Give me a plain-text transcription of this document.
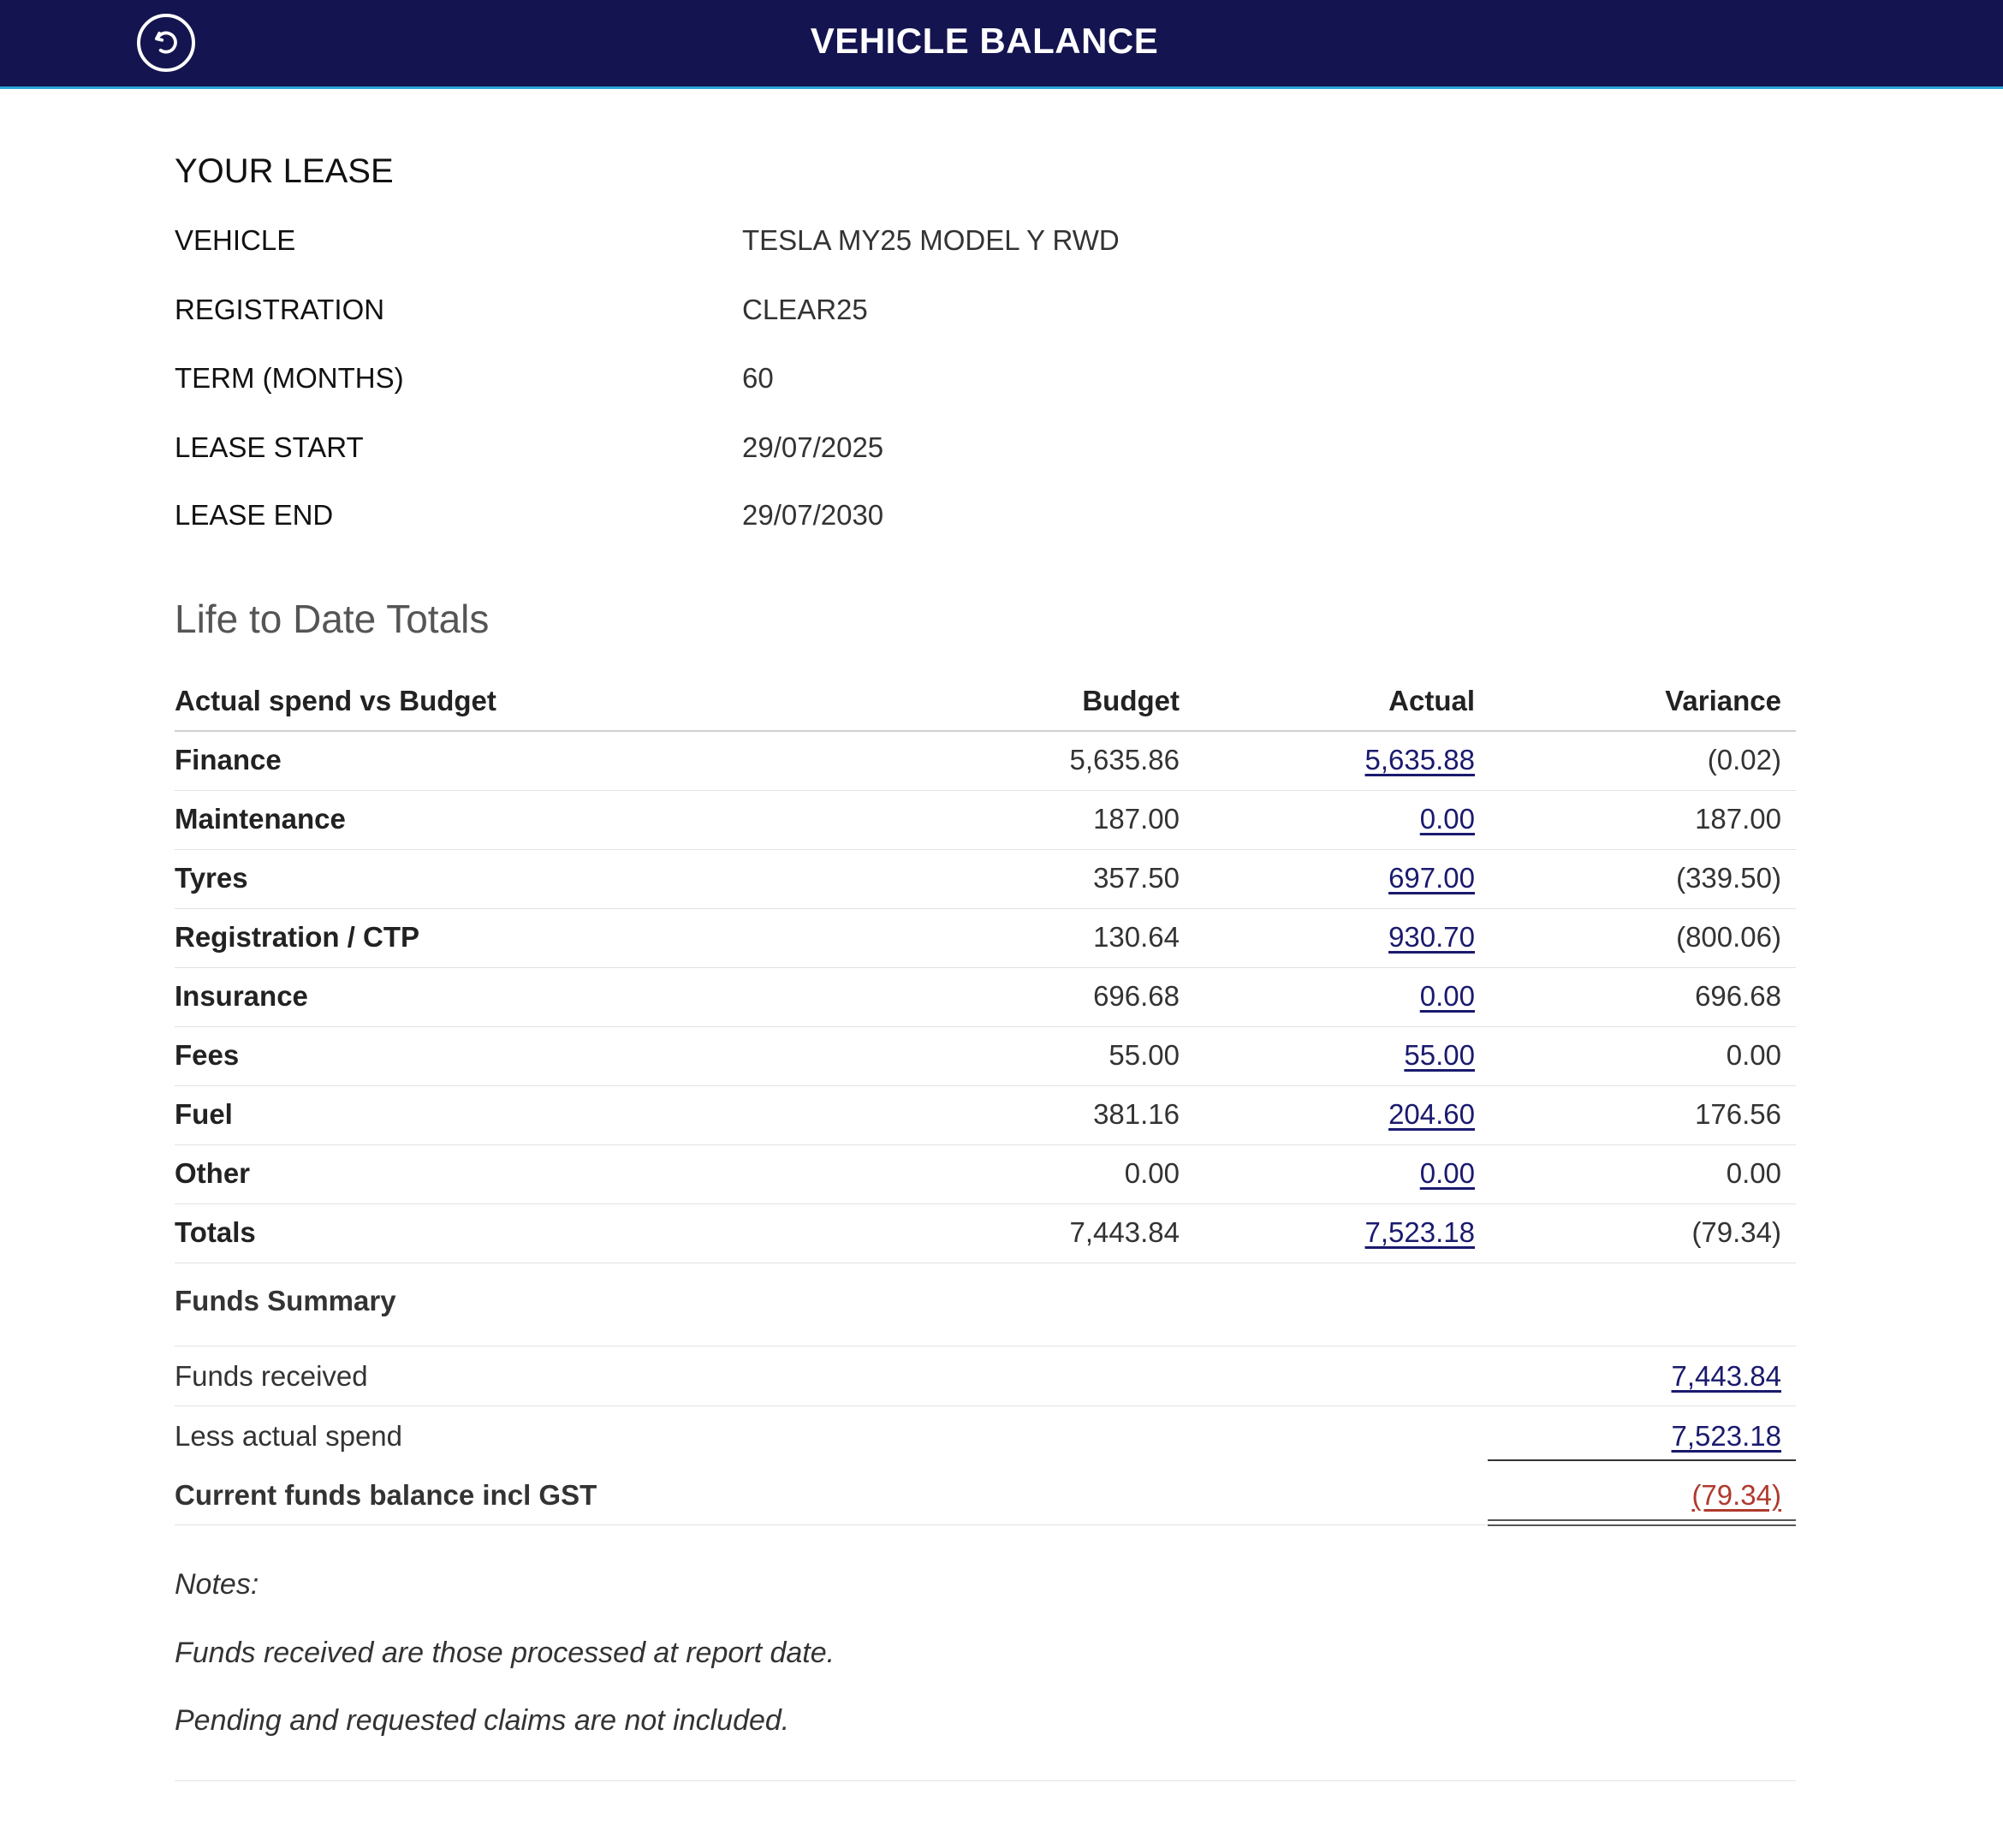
VEHICLE BALANCE
YOUR LEASE
VEHICLE	TESLA MY25 MODEL Y RWD
REGISTRATION	CLEAR25
TERM (MONTHS)	60
LEASE START	29/07/2025
LEASE END	29/07/2030
Life to Date Totals
Actual spend vs Budget	Budget	Actual	Variance
Finance	5,635.86	5,635.88	(0.02)
Maintenance	187.00	0.00	187.00
Tyres	357.50	697.00	(339.50)
Registration / CTP	130.64	930.70	(800.06)
Insurance	696.68	0.00	696.68
Fees	55.00	55.00	0.00
Fuel	381.16	204.60	176.56
Other	0.00	0.00	0.00
Totals	7,443.84	7,523.18	(79.34)
Funds Summary
Funds received	7,443.84
Less actual spend	7,523.18
Current funds balance incl GST	(79.34)
Notes:
Funds received are those processed at report date.
Pending and requested claims are not included.
